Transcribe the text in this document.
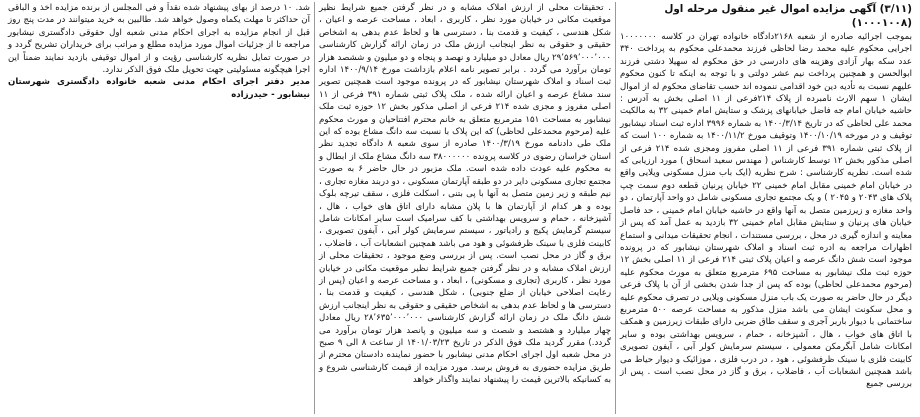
(۳/۱۱) آگهی مزایده اموال غیر منقول مرحله اول (۱۰۰۰۱۰۰۸)

بموجب اجرائیه صادره از شعبه ۲۱۶۸دادگاه خانواده تهران در کلاسه ۱۰۰۰۰۰۰۰ اجرایی محکوم علیه محمد رضا لحاظی فرزند محمدعلی محکوم به پرداخت ۳۴۰ عدد سکه بهار آزادی وهزینه های دادرسی در حق محکوم له سهیلا دشتی فرزند ابوالحسن و همچنین پرداخت نیم عشر دولتی و با توجه به اینکه تا کنون محکوم علیهم نسبت به تأدیه دین خود اقدامی ننموده اند حسب تقاضای محکوم له از اموال ایشان ۱ سهم الارث نامبرده از پلاک ۲۱۴فرعی از ۱۱ اصلی بخش به آدرس : حاشیه خیابان امام جه فاضل خیابانهای پزشک و ستایش امام خمینی ۳۲ به مالکیت محمد علی لحاظی که در تاریخ ۱۴۰۰/۳/۱۴ به شماره ۳۹۹۶ اداره ثبت اسناد نیشابور توقیف و در مورخه ۱۴۰۰/۱۰/۱۹ وتوقیف مورخ ۱۴۰۰/۱۱/۲ به شماره ۱۰۰ است که از پلاک ثبتی شماره ۳۹۱ فرعی از ۱۱ اصلی مفروز ومجزی شده ۲۱۴ فرعی از اصلی مذکور بخش ۱۲ توسط کارشناس ( مهندس سعید اسحاق ) مورد ارزیابی که شده است. نظریه کارشناسی : شرح نظریه (ایک باب منزل مسکونی ویلایی واقع در خیابان امام خمینی مقابل امام خمینی ۲۲ خیابان پرنیان قطعه دوم سمت چپ پلاک های ۲۰۴۳ و ۲۰۴۵ ) و یک مجتمع تجاری مسکونی شامل دو واحد آپارتمان ، دو واحد مغازه و زیرزمین متصل به آنها واقع در حاشیه خیابان امام خمینی ، حد فاصل خیابان های پرنیان و ستایش مقابل امام خمینی ۳۲ بازدید به عمل آمد که پس از معاینه و اندازه گیری در محل ، بررسی مستندات ، انجام تحقیقات میدانی و استماع اظهارات مراجعه به ادره ثبت اسناد و املاک شهرستان نیشابور که در پرونده موجود است شش دانگ عرصه و اعیان پلاک ثبتی ۲۱۴ فرعی از ۱۱ اصلی بخش ۱۲ حوزه ثبت ملک نیشابور به مساحت ۶۹۵ مترمربع متعلق به مورث محکوم علیه (مرحوم محمدعلی لحاظی) بوده که پس از جدا شدن بخشی از آن با پلاک فرعی دیگر در حال حاضر به صورت یک باب منزل مسکونی ویلایی در تصرف محکوم علیه و محل سکونت ایشان می باشد منزل مذکور به مساحت عرصه ۵۰۰ مترمربع ساختمانی با دیوار باربر آجری و سقف طاق ضربی دارای طبقات زیرزمین و همکف با اتاق های خواب ، هال ، آشپزخانه ، حمام ، سرویس بهداشتی بوده و سایر امکانات شامل آبگرمکن معمولی ، سیستم سرمایش کولر آبی ، آیفون تصویری کابینت فلزی با سینک ظرفشوئی ، هود ، در درب فلزی ، موزائیک و دیوار حیاط می باشد همچنین انشعابات آب ، فاضلاب ، برق و گاز در محل نصب است . پس از بررسی جمیع

. تحقیقات محلی از ارزش املاک مشابه و در نظر گرفتن جمیع شرایط نظیر موقعیت مکانی در خیابان مورد نظر ، کاربری ، ابعاد ، مساحت عرصه و اعیان ، شکل هندسی ، کیفیت و قدمت بنا ، دسترسی ها و لحاظ عدم بدهی به اشخاص حقیقی و حقوقی به نظر اینجانب ارزش ملک در زمان ارائه گزارش کارشناسی ۲۹٬۵۶۹٬۰۰۰٬۰۰۰ ریال معادل دو میلیارد و نهصد و پنجاه و دو میلیون و ششصد هزار تومان برآورد می گردد . برابر تصویر نامه اعلام بازداشت مورخ ۱۴۰۰/۹/۱۴ اداره ثبت اسناد و املاک شهرستان نیشابور که در پرونده موجود است همچنین تصویر سند مشاع عرصه و اعیان ارائه شده ، ملک پلاک ثبتی شماره ۳۹۱ فرعی از ۱۱ اصلی مفروز و مجزی شده ۲۱۴ فرعی از اصلی مذکور بخش ۱۲ حوزه ثبت ملک نیشابور به مساحت ۱۵۱ مترمربع متعلق به خانم محترم افتتاحیان و مورث محکوم علیه (مرحوم محمدعلی لحاظی) که این پلاک با نسبت سه دانگ مشاع بوده که این ملک طی دادنامه مورخ ۱۴۰۰/۳/۱۹ صادره از سوی شعبه ۸ دادگاه تجدید نظر استان خراسان رضوی در کلاسه پرونده ۳۸۰۰۰۰۰۰ سه دانگ مشاع ملک از ابطال و به محکوم علیه عودت داده شده است. ملک مزبور در حال حاضر ۶ به صورت مجتمع تجاری مسکونی دایر در دو طبقه آپارتمان مسکونی ، دو دربند مغازه تجاری ، نیم طبقه و زیر زمین متصل به آنها با پی بتنی ، اسکلت فلزی ، سقف تیرچه بلوک بوده و هر کدام از آپارتمان ها با پلان مشابه دارای اتاق های خواب ، هال ، آشپزخانه ، حمام و سرویس بهداشتی با کف سرامیک است سایر امکانات شامل سیستم گرمایش پکیج و رادیاتور ، سیستم سرمایش کولر آبی ، آیفون تصویری ، کابینت فلزی با سینک ظرفشوئی و هود می باشد همچنین انشعابات آب ، فاضلاب ، برق و گاز در محل نصب است. پس از بررسی وضع موجود ، تحقیقات محلی از ارزش املاک مشابه و در نظر گرفتن جمیع شرایط نظیر موقعیت مکانی در خیابان مورد نظر ، کاربری (تجاری و مسکونی) ، ابعاد ، و مساحت عرصه و اعیان (پس از رعایت اصلاحی خیابان از ضلع جنوبی) ، شکل هندسی ، کیفیت و قدمت بنا ، دسترسی ها و لحاظ عدم بدهی به اشخاص حقیقی و حقوقی به نظر اینجانب ارزش شش دانگ ملک در زمان ارائه گزارش کارشناسی ۲۸٬۶۳۵٬۰۰۰٬۰۰۰ ریال معادل چهار میلیارد و هشتصد و شصت و سه میلیون و پانصد هزار تومان برآورد می گردد.) مقرر گردید ملک فوق الذکر در تاریخ ۱۴۰۱/۰۳/۲۳ از ساعت ۸ الی ۹ صبح در محل شعبه اول اجرای احکام مدنی نیشابور با حضور نماینده دادستان محترم از طریق مزایده حضوری به فروش برسد. مورد مزایده از قیمت کارشناسی شروع و به کسانیکه بالاترین قیمت را پیشنهاد نمایند واگذار خواهد

شد. ۱۰ درصد از بهای پیشنهاد شده نقداً و فی المجلس از برنده مزایده اخذ و الباقی آن حداکثر تا مهلت یکماه وصول خواهد شد. طالبین به خرید میتوانند در مدت پنج روز قبل از انجام مزایده به اجرای احکام مدنی شعبه اول حقوقی دادگستری نیشابور مراجعه تا از جزئیات اموال مورد مزایده مطلع و مراتب برای خریداران تشریح گردد و در صورت تمایل نظریه کارشناسی رؤیت و از اموال توقیفی بازدید نمایند ضمناً این اجرا هیچگونه مسئولیتی جهت تحویل ملک فوق الذکر ندارد.

مدیر دفتر اجرای احکام مدنی شعبه خانواده دادگستری شهرستان نیشابور - حیدرزاده
